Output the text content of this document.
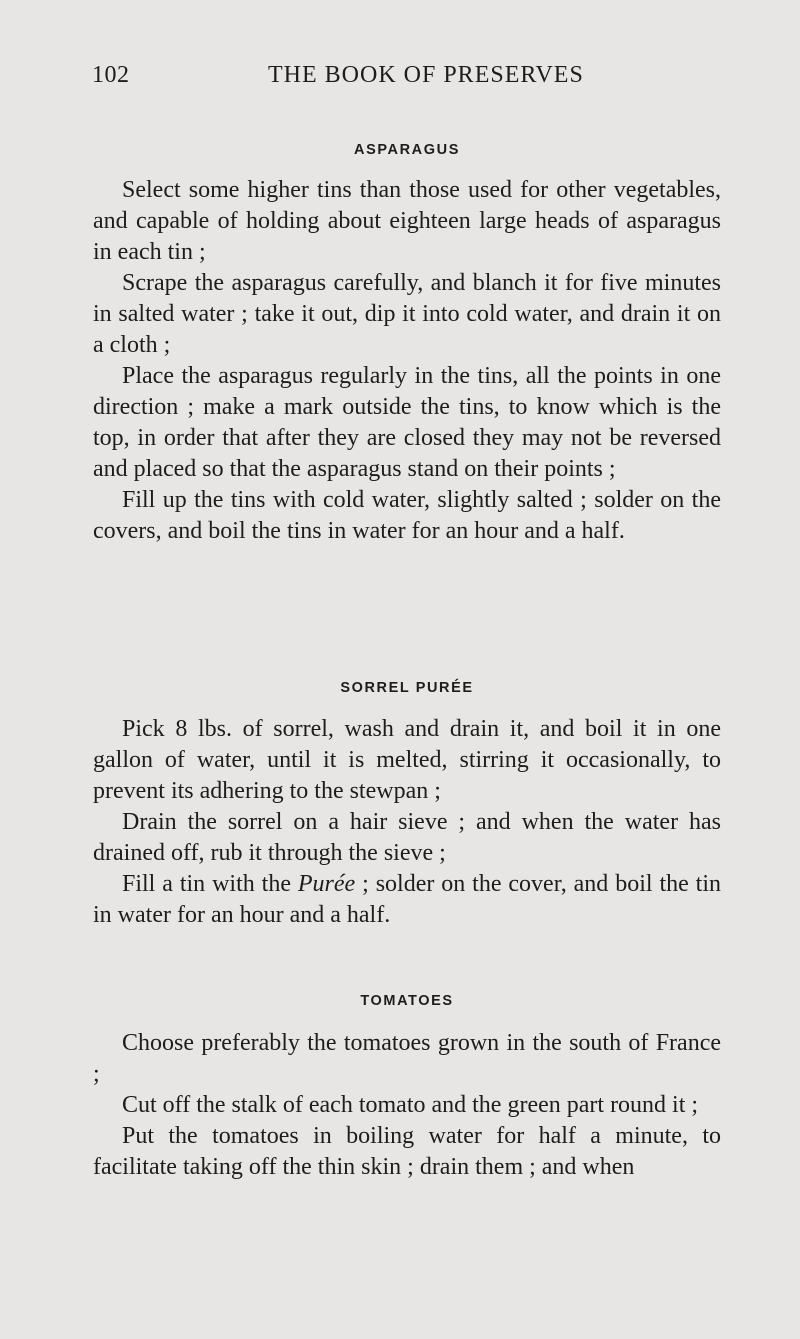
102	THE BOOK OF PRESERVES
ASPARAGUS

Select some higher tins than those used for other vegetables, and capable of holding about eighteen large heads of asparagus in each tin ;

Scrape the asparagus carefully, and blanch it for five minutes in salted water ; take it out, dip it into cold water, and drain it on a cloth ;

Place the asparagus regularly in the tins, all the points in one direction ; make a mark outside the tins, to know which is the top, in order that after they are closed they may not be reversed and placed so that the asparagus stand on their points ;

Fill up the tins with cold water, slightly salted ; solder on the covers, and boil the tins in water for an hour and a half.

SORREL PURÉE

Pick 8 lbs. of sorrel, wash and drain it, and boil it in one gallon of water, until it is melted, stirring it occasionally, to prevent its adhering to the stewpan ;

Drain the sorrel on a hair sieve ; and when the water has drained off, rub it through the sieve ;

Fill a tin with the Purée ; solder on the cover, and boil the tin in water for an hour and a half.

TOMATOES

Choose preferably the tomatoes grown in the south of France ;

Cut off the stalk of each tomato and the green part round it ;

Put the tomatoes in boiling water for half a minute, to facilitate taking off the thin skin ; drain them ; and when
